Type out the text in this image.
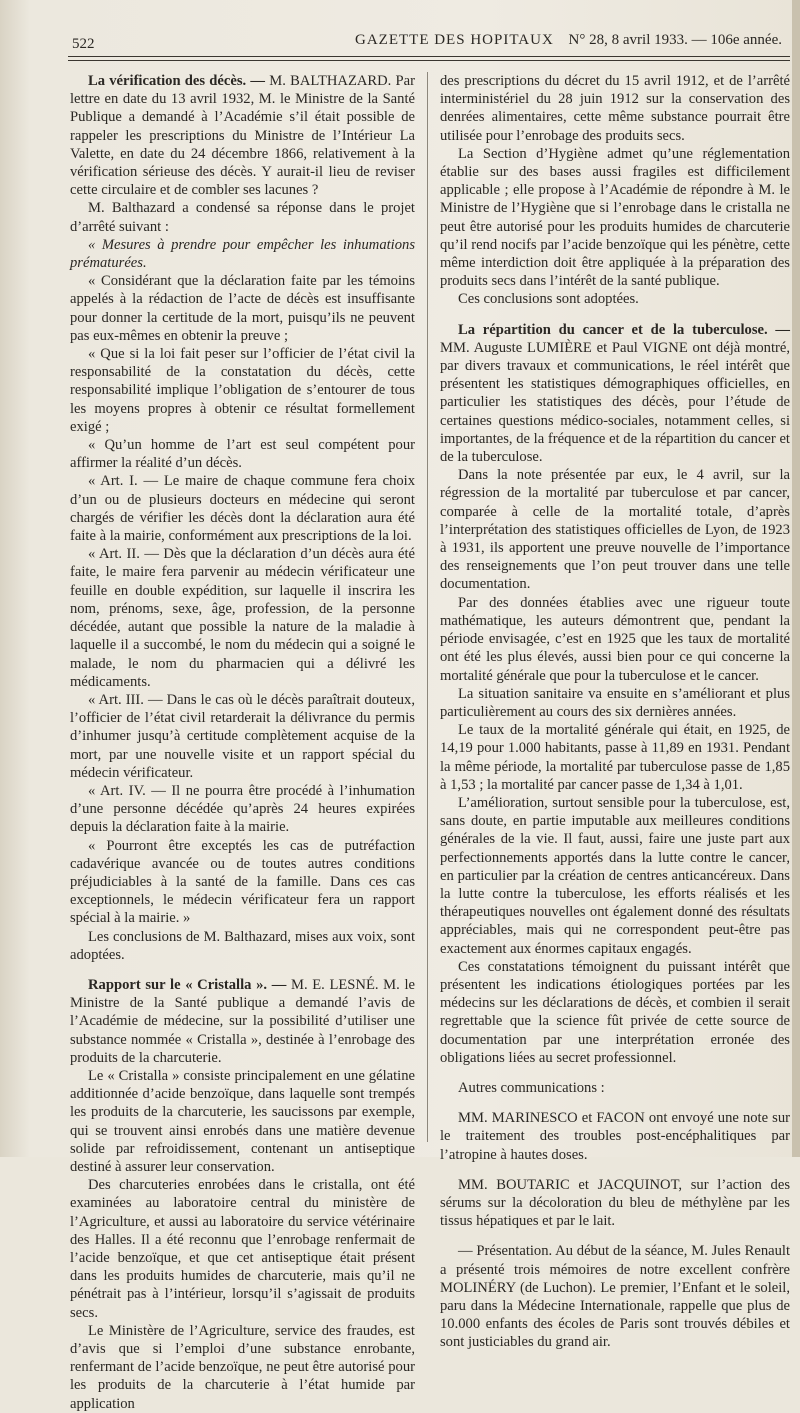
522	GAZETTE DES HOPITAUX N° 28, 8 avril 1933. — 106e année.

La vérification des décès. — M. BALTHAZARD. Par lettre en date du 13 avril 1932, M. le Ministre de la Santé Publique a demandé à l’Académie s’il était possible de rappeler les prescriptions du Ministre de l’Intérieur La Valette, en date du 24 décembre 1866, relativement à la vérification sérieuse des décès. Y aurait-il lieu de reviser cette circulaire et de combler ses lacunes ?

M. Balthazard a condensé sa réponse dans le projet d’arrêté suivant :

« Mesures à prendre pour empêcher les inhumations prématurées.

« Considérant que la déclaration faite par les témoins appelés à la rédaction de l’acte de décès est insuffisante pour donner la certitude de la mort, puisqu’ils ne peuvent pas eux-mêmes en obtenir la preuve ;

« Que si la loi fait peser sur l’officier de l’état civil la responsabilité de la constatation du décès, cette responsabilité implique l’obligation de s’entourer de tous les moyens propres à obtenir ce résultat formellement exigé ;

« Qu’un homme de l’art est seul compétent pour affirmer la réalité d’un décès.

« Art. I. — Le maire de chaque commune fera choix d’un ou de plusieurs docteurs en médecine qui seront chargés de vérifier les décès dont la déclaration aura été faite à la mairie, conformément aux prescriptions de la loi.

« Art. II. — Dès que la déclaration d’un décès aura été faite, le maire fera parvenir au médecin vérificateur une feuille en double expédition, sur laquelle il inscrira les nom, prénoms, sexe, âge, profession, de la personne décédée, autant que possible la nature de la maladie à laquelle il a succombé, le nom du médecin qui a soigné le malade, le nom du pharmacien qui a délivré les médicaments.

« Art. III. — Dans le cas où le décès paraîtrait douteux, l’officier de l’état civil retarderait la délivrance du permis d’inhumer jusqu’à certitude complètement acquise de la mort, par une nouvelle visite et un rapport spécial du médecin vérificateur.

« Art. IV. — Il ne pourra être procédé à l’inhumation d’une personne décédée qu’après 24 heures expirées depuis la déclaration faite à la mairie.

« Pourront être exceptés les cas de putréfaction cadavérique avancée ou de toutes autres conditions préjudiciables à la santé de la famille. Dans ces cas exceptionnels, le médecin vérificateur fera un rapport spécial à la mairie. »

Les conclusions de M. Balthazard, mises aux voix, sont adoptées.

Rapport sur le « Cristalla ». — M. E. LESNÉ. M. le Ministre de la Santé publique a demandé l’avis de l’Académie de médecine, sur la possibilité d’utiliser une substance nommée « Cristalla », destinée à l’enrobage des produits de la charcuterie.

Le « Cristalla » consiste principalement en une gélatine additionnée d’acide benzoïque, dans laquelle sont trempés les produits de la charcuterie, les saucissons par exemple, qui se trouvent ainsi enrobés dans une matière devenue solide par refroidissement, contenant un antiseptique destiné à assurer leur conservation.

Des charcuteries enrobées dans le cristalla, ont été examinées au laboratoire central du ministère de l’Agriculture, et aussi au laboratoire du service vétérinaire des Halles. Il a été reconnu que l’enrobage renfermait de l’acide benzoïque, et que cet antiseptique était présent dans les produits humides de charcuterie, mais qu’il ne pénétrait pas à l’intérieur, lorsqu’il s’agissait de produits secs.

Le Ministère de l’Agriculture, service des fraudes, est d’avis que si l’emploi d’une substance enrobante, renfermant de l’acide benzoïque, ne peut être autorisé pour les produits de la charcuterie à l’état humide par application

des prescriptions du décret du 15 avril 1912, et de l’arrêté interministériel du 28 juin 1912 sur la conservation des denrées alimentaires, cette même substance pourrait être utilisée pour l’enrobage des produits secs.

La Section d’Hygiène admet qu’une réglementation établie sur des bases aussi fragiles est difficilement applicable ; elle propose à l’Académie de répondre à M. le Ministre de l’Hygiène que si l’enrobage dans le cristalla ne peut être autorisé pour les produits humides de charcuterie qu’il rend nocifs par l’acide benzoïque qui les pénètre, cette même interdiction doit être appliquée à la préparation des produits secs dans l’intérêt de la santé publique.

Ces conclusions sont adoptées.

La répartition du cancer et de la tuberculose. — MM. Auguste LUMIÈRE et Paul VIGNE ont déjà montré, par divers travaux et communications, le réel intérêt que présentent les statistiques démographiques officielles, en particulier les statistiques des décès, pour l’étude de certaines questions médico-sociales, notamment celles, si importantes, de la fréquence et de la répartition du cancer et de la tuberculose.

Dans la note présentée par eux, le 4 avril, sur la régression de la mortalité par tuberculose et par cancer, comparée à celle de la mortalité totale, d’après l’interprétation des statistiques officielles de Lyon, de 1923 à 1931, ils apportent une preuve nouvelle de l’importance des renseignements que l’on peut trouver dans une telle documentation.

Par des données établies avec une rigueur toute mathématique, les auteurs démontrent que, pendant la période envisagée, c’est en 1925 que les taux de mortalité ont été les plus élevés, aussi bien pour ce qui concerne la mortalité générale que pour la tuberculose et le cancer.

La situation sanitaire va ensuite en s’améliorant et plus particulièrement au cours des six dernières années.

Le taux de la mortalité générale qui était, en 1925, de 14,19 pour 1.000 habitants, passe à 11,89 en 1931. Pendant la même période, la mortalité par tuberculose passe de 1,85 à 1,53 ; la mortalité par cancer passe de 1,34 à 1,01.

L’amélioration, surtout sensible pour la tuberculose, est, sans doute, en partie imputable aux meilleures conditions générales de la vie. Il faut, aussi, faire une juste part aux perfectionnements apportés dans la lutte contre le cancer, en particulier par la création de centres anticancéreux. Dans la lutte contre la tuberculose, les efforts réalisés et les thérapeutiques nouvelles ont également donné des résultats appréciables, mais qui ne correspondent peut-être pas exactement aux énormes capitaux engagés.

Ces constatations témoignent du puissant intérêt que présentent les indications étiologiques portées par les médecins sur les déclarations de décès, et combien il serait regrettable que la science fût privée de cette source de documentation par une interprétation erronée des obligations liées au secret professionnel.

Autres communications :

MM. MARINESCO et FACON ont envoyé une note sur le traitement des troubles post-encéphalitiques par l’atropine à hautes doses.

MM. BOUTARIC et JACQUINOT, sur l’action des sérums sur la décoloration du bleu de méthylène par les tissus hépatiques et par le lait.

— Présentation. Au début de la séance, M. Jules Renault a présenté trois mémoires de notre excellent confrère MOLINÉRY (de Luchon). Le premier, l’Enfant et le soleil, paru dans la Médecine Internationale, rappelle que plus de 10.000 enfants des écoles de Paris sont trouvés débiles et sont justiciables du grand air.
